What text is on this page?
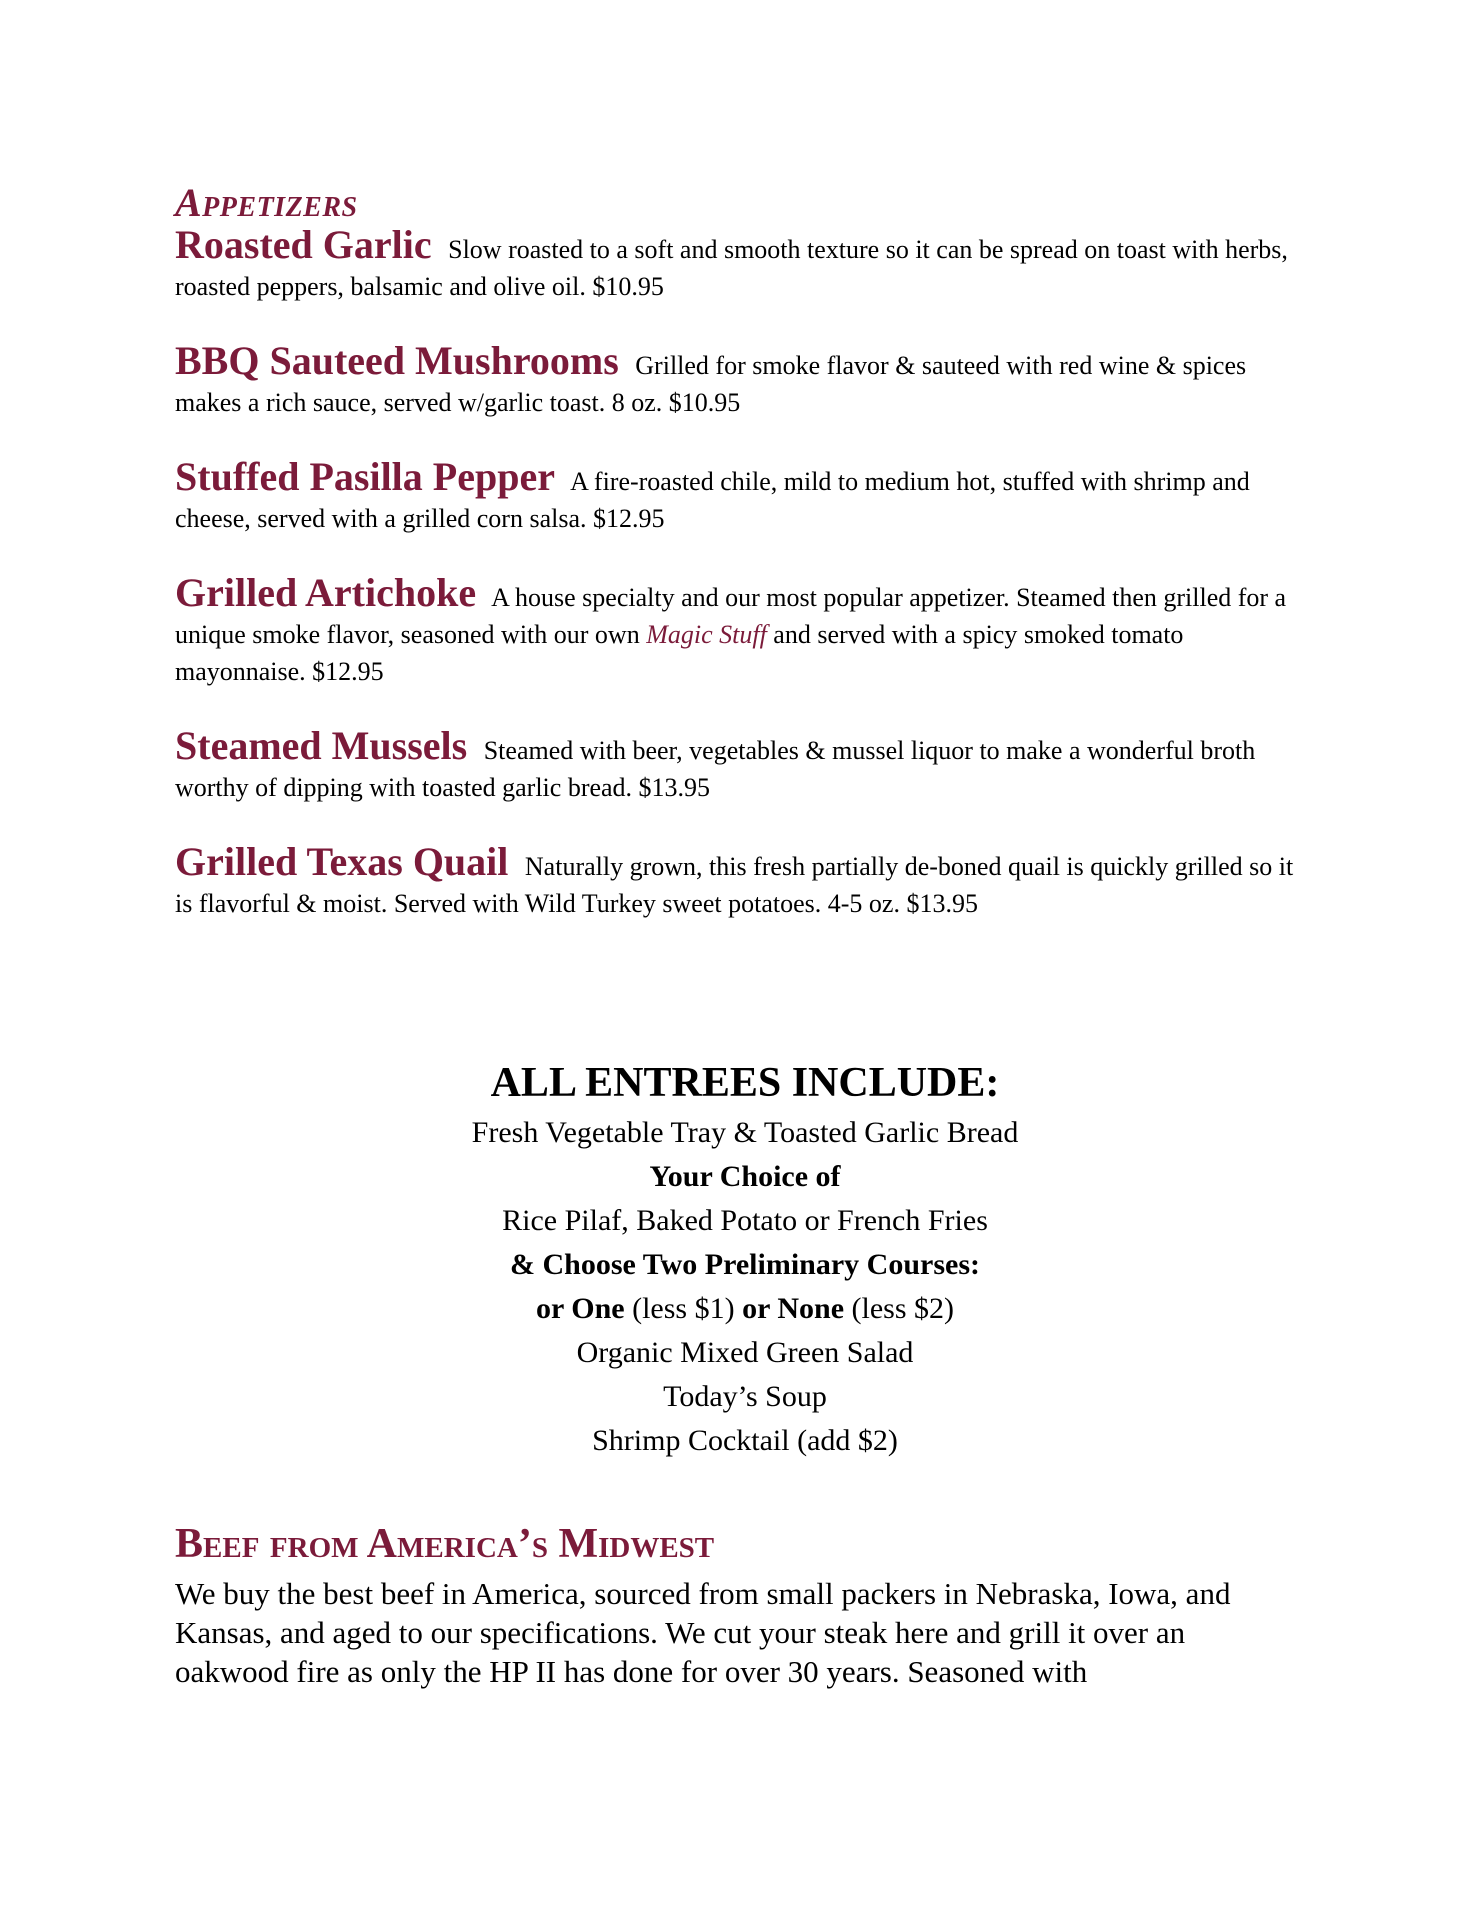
Appetizers
Roasted Garlic Slow roasted to a soft and smooth texture so it can be spread on toast with herbs, roasted peppers, balsamic and olive oil. $10.95
BBQ Sauteed Mushrooms Grilled for smoke flavor & sauteed with red wine & spices makes a rich sauce, served w/garlic toast. 8 oz. $10.95
Stuffed Pasilla Pepper A fire-roasted chile, mild to medium hot, stuffed with shrimp and cheese, served with a grilled corn salsa. $12.95
Grilled Artichoke A house specialty and our most popular appetizer. Steamed then grilled for a unique smoke flavor, seasoned with our own Magic Stuff and served with a spicy smoked tomato mayonnaise. $12.95
Steamed Mussels Steamed with beer, vegetables & mussel liquor to make a wonderful broth worthy of dipping with toasted garlic bread. $13.95
Grilled Texas Quail Naturally grown, this fresh partially de-boned quail is quickly grilled so it is flavorful & moist. Served with Wild Turkey sweet potatoes. 4-5 oz. $13.95
ALL ENTREES INCLUDE:
Fresh Vegetable Tray & Toasted Garlic Bread
Your Choice of
Rice Pilaf, Baked Potato or French Fries
& Choose Two Preliminary Courses:
or One (less $1) or None (less $2)
Organic Mixed Green Salad
Today’s Soup
Shrimp Cocktail (add $2)
Beef from America’s Midwest
We buy the best beef in America, sourced from small packers in Nebraska, Iowa, and Kansas, and aged to our specifications. We cut your steak here and grill it over an oakwood fire as only the HP II has done for over 30 years. Seasoned with
